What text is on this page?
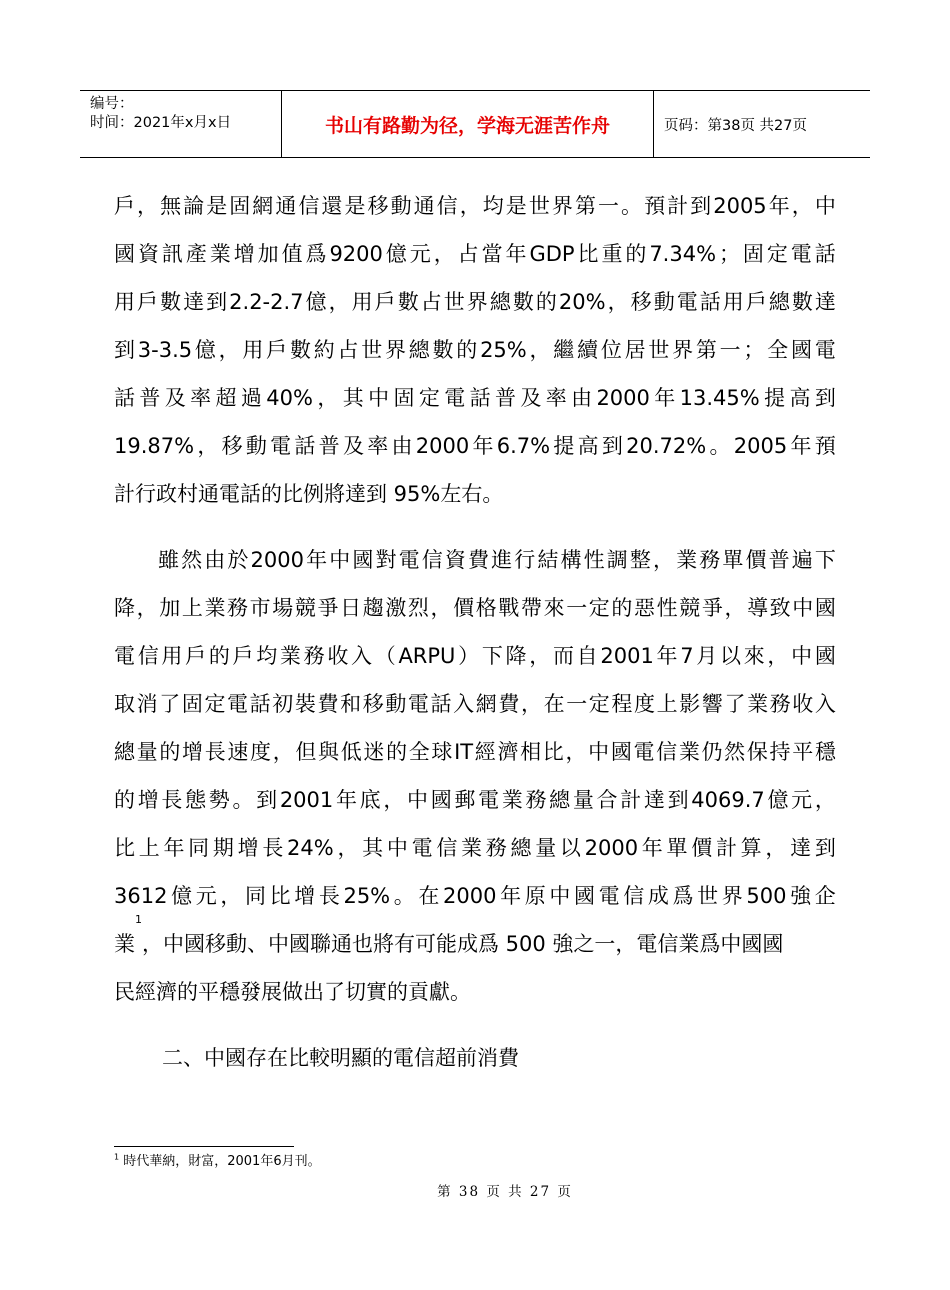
编号：
时间：2021年x月x日	书山有路勤为径，学海无涯苦作舟	页码：第38页 共27页
戶 ， 無 論 是 固 網 通 信 還 是 移 動 通 信 ， 均 是 世 界 第 一 。 預 計 到 2005 年 ， 中
國 資 訊 產 業 增 加 值 爲 9200 億 元 ， 占 當 年 GDP 比 重 的 7.34% ； 固 定 電 話
用 戶 數 達 到 2.2-2.7 億 ， 用 戶 數 占 世 界 總 數 的 20% ， 移 動 電 話 用 戶 總 數 達
到 3-3.5 億 ， 用 戶 數 約 占 世 界 總 數 的 25% ， 繼 續 位 居 世 界 第 一 ； 全 國 電
話 普 及 率 超 過 40% ， 其 中 固 定 電 話 普 及 率 由 2000 年 13.45% 提 高 到
19.87% ， 移 動 電 話 普 及 率 由 2000 年 6.7% 提 高 到 20.72% 。 2005 年 預
計行政村通電話的比例將達到 95%左右。
雖 然 由 於 2000 年 中 國 對 電 信 資 費 進 行 結 構 性 調 整 ， 業 務 單 價 普 遍 下
降 ， 加 上 業 務 市 場 競 爭 日 趨 激 烈 ， 價 格 戰 帶 來 一 定 的 惡 性 競 爭 ， 導 致 中 國
電 信 用 戶 的 戶 均 業 務 收 入 （ ARPU ） 下 降 ， 而 自 2001 年 7 月 以 來 ， 中 國
取 消 了 固 定 電 話 初 裝 費 和 移 動 電 話 入 網 費 ， 在 一 定 程 度 上 影 響 了 業 務 收 入
總 量 的 增 長 速 度 ， 但 與 低 迷 的 全 球 IT 經 濟 相 比 ， 中 國 電 信 業 仍 然 保 持 平 穩
的 增 長 態 勢 。 到 2001 年 底 ， 中 國 郵 電 業 務 總 量 合 計 達 到 4069.7 億 元 ，
比 上 年 同 期 增 長 24% ， 其 中 電 信 業 務 總 量 以 2000 年 單 價 計 算 ， 達 到
3612 億 元 ， 同 比 增 長 25% 。 在 2000 年 原 中 國 電 信 成 爲 世 界 500 強 企
業
1
，中國移動、中國聯通也將有可能成爲 500 強之一，電信業爲中國國
民經濟的平穩發展做出了切實的貢獻。
二、中國存在比較明顯的電信超前消費
$^1$ 時代華納，財富，2001年6月刊。
第 38 页 共 27 页
